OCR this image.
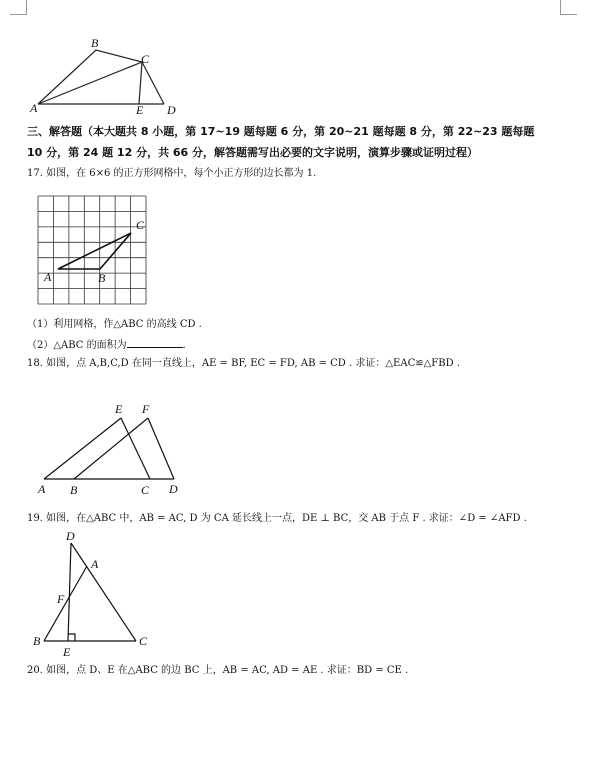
B
C
A	E D
三、解答题（本大题共 8 小题，第 17~19 题每题 6 分，第 20~21 题每题 8 分，第 22~23 题每题
10 分，第 24 题 12 分，共 66 分，解答题需写出必要的文字说明，演算步骤或证明过程）
17. 如图，在 6×6 的正方形网格中，每个小正方形的边长都为 1.
C
A	B
（1）利用网格，作△ABC 的高线 CD .
（2）△ABC 的面积为	.
18. 如图，点 A,B,C,D 在同一直线上，AE = BF, EC = FD, AB = CD . 求证：△EAC≌△FBD .
E F
A B	C D
19. 如图，在△ABC 中，AB = AC, D 为 CA 延长线上一点，DE ⊥ BC，交 AB 于点 F . 求证：∠D = ∠AFD .
D
A
F
B	C
E
20. 如图，点 D、E 在△ABC 的边 BC 上，AB = AC, AD = AE . 求证：BD = CE .
